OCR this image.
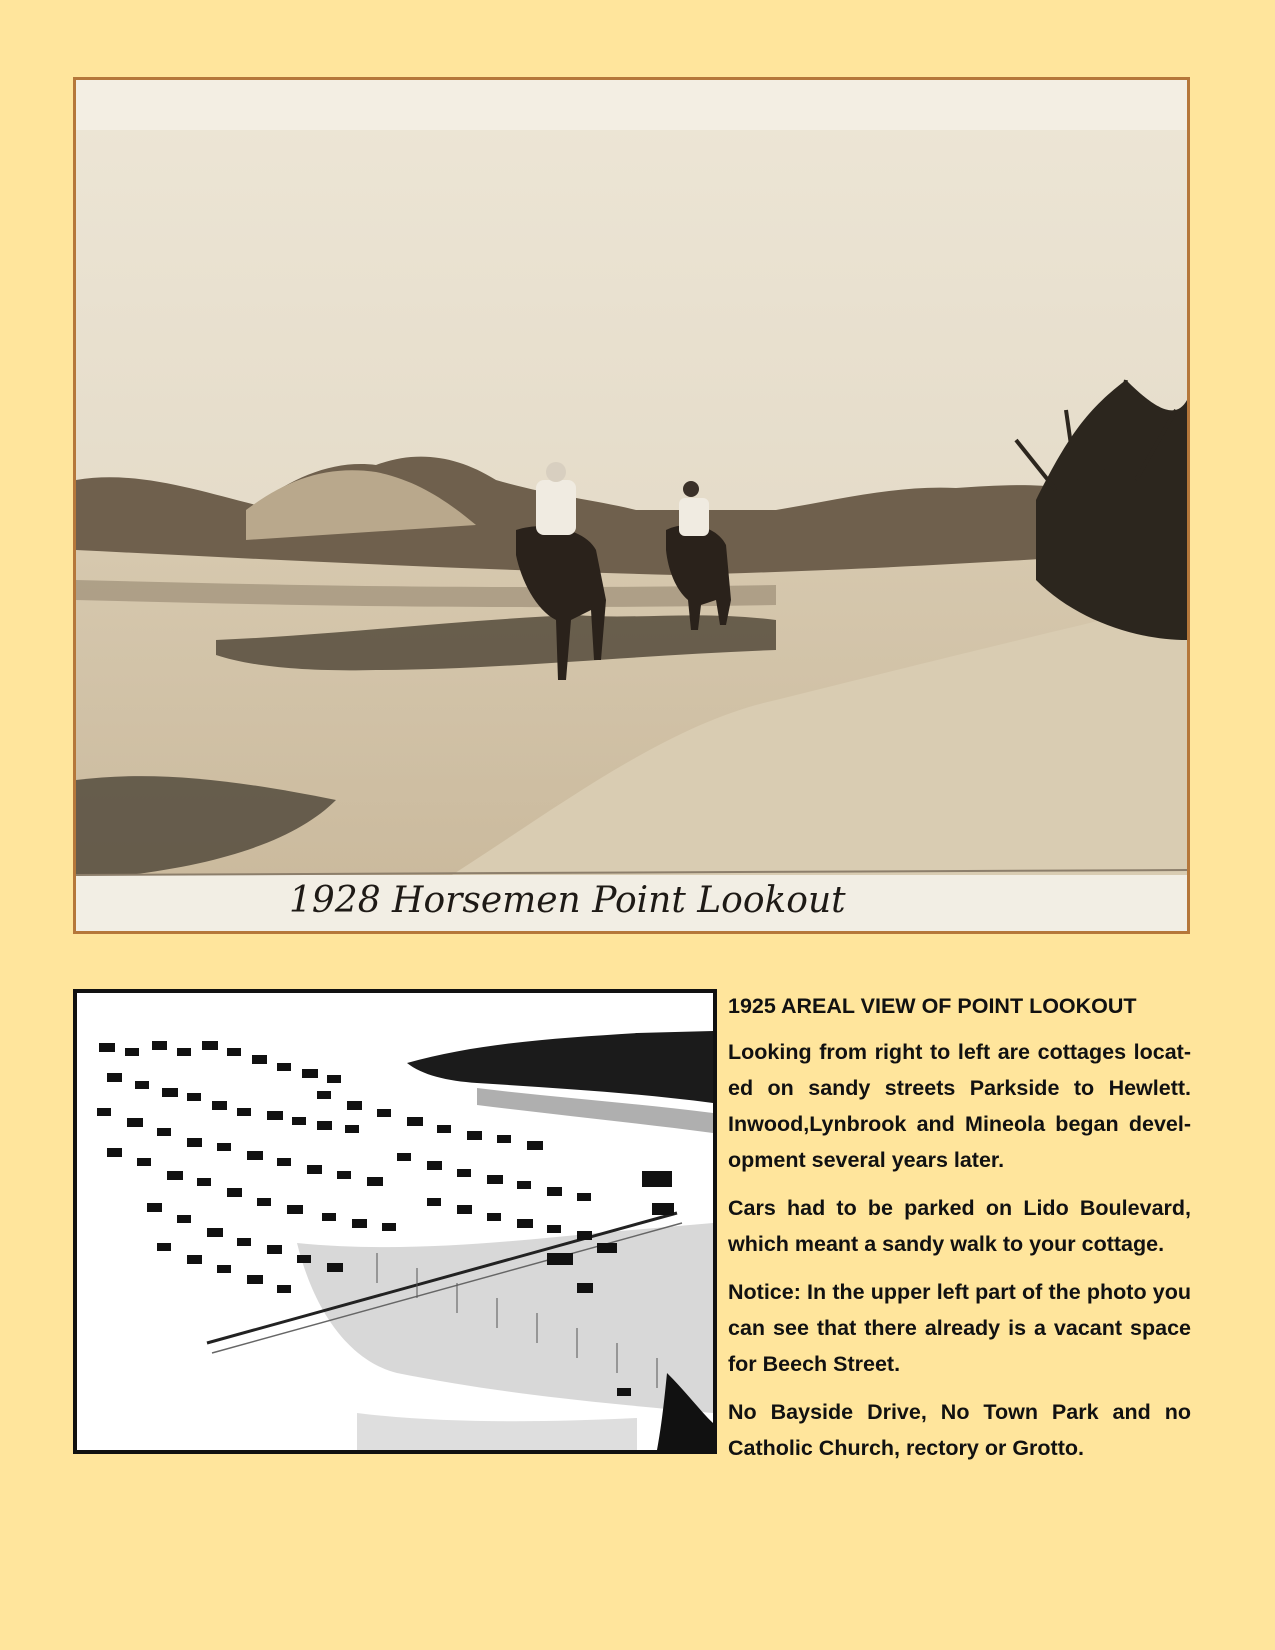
1928 Horsemen Point Lookout

1925 AREAL VIEW OF POINT LOOKOUT

Looking from right to left are cottages locat-ed on sandy streets Parkside to Hewlett. Inwood,Lynbrook and Mineola began devel-opment several years later.

Cars had to be parked on Lido Boulevard, which meant a sandy walk to your cottage.

Notice: In the upper left part of the photo you can see that there already is a vacant space for Beech Street.

No Bayside Drive, No Town Park and no Catholic Church, rectory or Grotto.
